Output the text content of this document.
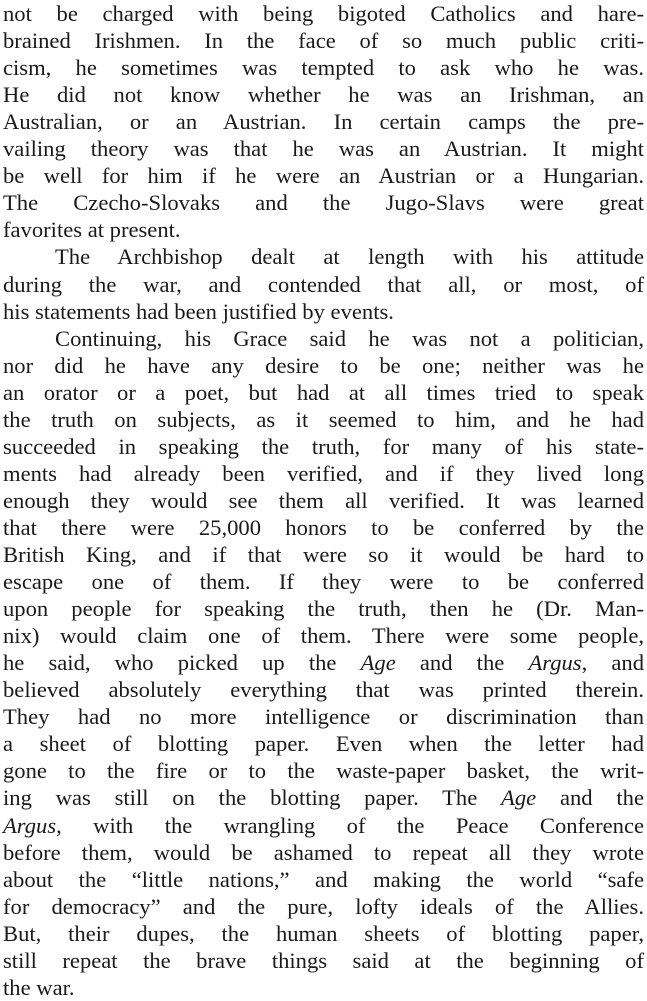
not be charged with being bigoted Catholics and hare-
brained Irishmen. In the face of so much public criti-
cism, he sometimes was tempted to ask who he was.
He did not know whether he was an Irishman, an
Australian, or an Austrian. In certain camps the pre-
vailing theory was that he was an Austrian. It might
be well for him if he were an Austrian or a Hungarian.
The Czecho-Slovaks and the Jugo-Slavs were great
favorites at present.
The Archbishop dealt at length with his attitude
during the war, and contended that all, or most, of
his statements had been justified by events.
Continuing, his Grace said he was not a politician,
nor did he have any desire to be one; neither was he
an orator or a poet, but had at all times tried to speak
the truth on subjects, as it seemed to him, and he had
succeeded in speaking the truth, for many of his state-
ments had already been verified, and if they lived long
enough they would see them all verified. It was learned
that there were 25,000 honors to be conferred by the
British King, and if that were so it would be hard to
escape one of them. If they were to be conferred
upon people for speaking the truth, then he (Dr. Man-
nix) would claim one of them. There were some people,
he said, who picked up the Age and the Argus, and
believed absolutely everything that was printed therein.
They had no more intelligence or discrimination than
a sheet of blotting paper. Even when the letter had
gone to the fire or to the waste-paper basket, the writ-
ing was still on the blotting paper. The Age and the
Argus, with the wrangling of the Peace Conference
before them, would be ashamed to repeat all they wrote
about the “little nations,” and making the world “safe
for democracy” and the pure, lofty ideals of the Allies.
But, their dupes, the human sheets of blotting paper,
still repeat the brave things said at the beginning of
the war.
